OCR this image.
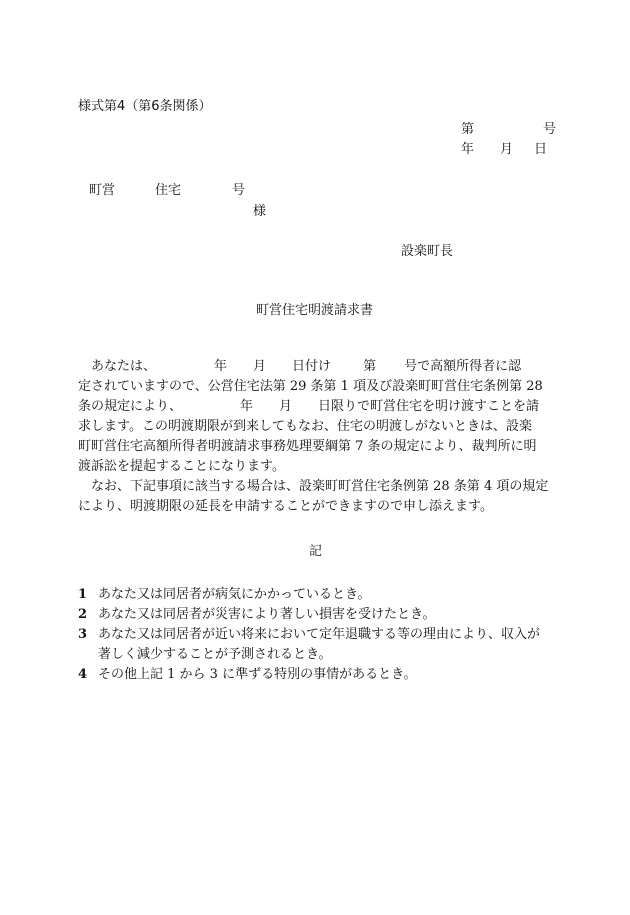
様式第4（第6条関係）
第	号
年 月 日
町営	住宅	号
様
設楽町長
町営住宅明渡請求書
あなたは、	年 月 日付け 第 号で高額所得者に認
定されていますので、公営住宅法第 29 条第 1 項及び設楽町町営住宅条例第 28
条の規定により、	年 月 日限りで町営住宅を明け渡すことを請
求します。この明渡期限が到来してもなお、住宅の明渡しがないときは、設楽
町町営住宅高額所得者明渡請求事務処理要綱第 7 条の規定により、裁判所に明
渡訴訟を提起することになります。
なお、下記事項に該当する場合は、設楽町町営住宅条例第 28 条第 4 項の規定
により、明渡期限の延長を申請することができますので申し添えます。
記
1 あなた又は同居者が病気にかかっているとき。
2 あなた又は同居者が災害により著しい損害を受けたとき。
3 あなた又は同居者が近い将来において定年退職する等の理由により、収入が
著しく減少することが予測されるとき。
4 その他上記 1 から 3 に準ずる特別の事情があるとき。
